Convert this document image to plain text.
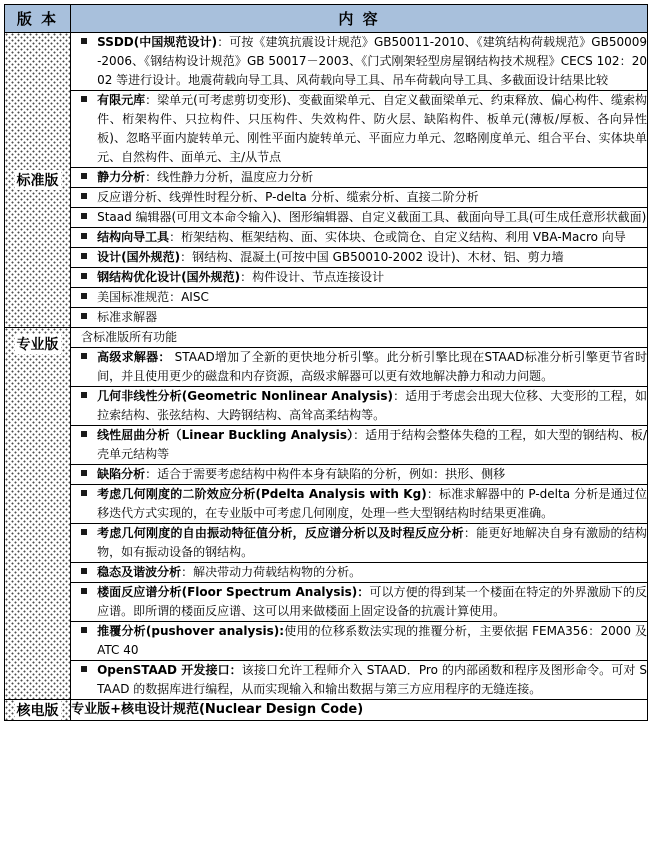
版 本	内 容
标准版		SSDD(中国规范设计)：可按《建筑抗震设计规范》GB50011-2010、《建筑结构荷载规范》GB50009-2006、《钢结构设计规范》GB 50017－2003、《门式刚架轻型房屋钢结构技术规程》CECS 102：2002 等进行设计。地震荷载向导工具、风荷载向导工具、吊车荷载向导工具、多截面设计结果比较

	有限元库：梁单元(可考虑剪切变形)、变截面梁单元、自定义截面梁单元、约束释放、偏心构件、缆索构件、桁架构件、只拉构件、只压构件、失效构件、防火层、缺陷构件、板单元(薄板/厚板、各向异性板)、忽略平面内旋转单元、刚性平面内旋转单元、平面应力单元、忽略刚度单元、组合平台、实体块单元、自然构件、面单元、主/从节点

	静力分析：线性静力分析，温度应力分析

	反应谱分析、线弹性时程分析、P-delta 分析、缆索分析、直接二阶分析

	Staad 编辑器(可用文本命令输入)、图形编辑器、自定义截面工具、截面向导工具(可生成任意形状截面)

	结构向导工具：桁架结构、框架结构、面、实体块、仓或筒仓、自定义结构、利用 VBA-Macro 向导

	设计(国外规范)：钢结构、混凝土(可按中国 GB50010-2002 设计)、木材、铝、剪力墙

	钢结构优化设计(国外规范)：构件设计、节点连接设计

	美国标准规范：AISC

	标准求解器

专业版	含标准版所有功能

	高级求解器： STAAD增加了全新的更快地分析引擎。此分析引擎比现在STAAD标准分析引擎更节省时间，并且使用更少的磁盘和内存资源，高级求解器可以更有效地解决静力和动力问题。

	几何非线性分析(Geometric Nonlinear Analysis)：适用于考虑会出现大位移、大变形的工程，如拉索结构、张弦结构、大跨钢结构、高耸高柔结构等。

	线性屈曲分析（Linear Buckling Analysis）：适用于结构会整体失稳的工程，如大型的钢结构、板/壳单元结构等

	缺陷分析：适合于需要考虑结构中构件本身有缺陷的分析，例如：拱形、侧移

	考虑几何刚度的二阶效应分析(Pdelta Analysis with Kg)：标准求解器中的 P-delta 分析是通过位移迭代方式实现的，在专业版中可考虑几何刚度，处理一些大型钢结构时结果更准确。

	考虑几何刚度的自由振动特征值分析，反应谱分析以及时程反应分析：能更好地解决自身有激励的结构物，如有振动设备的钢结构。

	稳态及谐波分析：解决带动力荷载结构物的分析。

	楼面反应谱分析(Floor Spectrum Analysis)：可以方便的得到某一个楼面在特定的外界激励下的反应谱。即所谓的楼面反应谱、这可以用来做楼面上固定设备的抗震计算使用。

	推覆分析(pushover analysis):使用的位移系数法实现的推覆分析，主要依据 FEMA356：2000 及 ATC 40

	OpenSTAAD 开发接口：该接口允许工程师介入 STAAD．Pro 的内部函数和程序及图形命令。可对 STAAD 的数据库进行编程，从而实现输入和输出数据与第三方应用程序的无缝连接。

核电版	专业版+核电设计规范(Nuclear Design Code)
